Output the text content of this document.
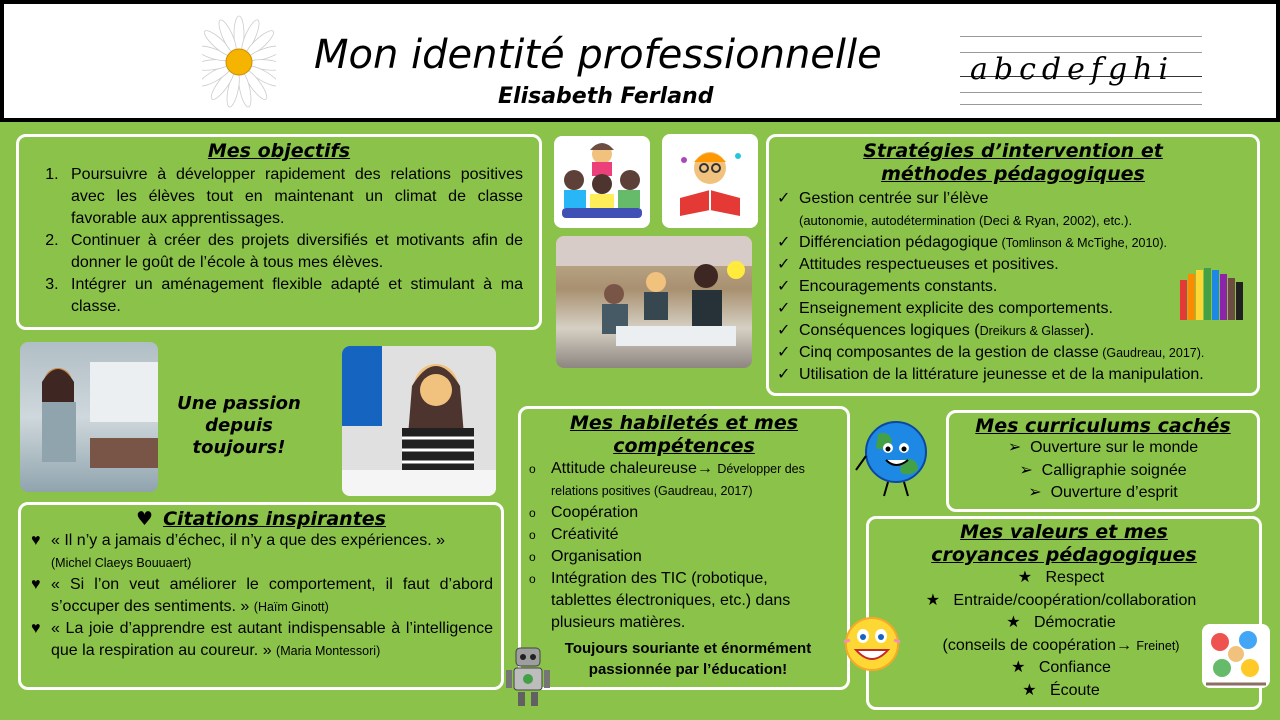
Mon identité professionnelle
Elisabeth Ferland
abcdefghi
Mes objectifs
1. Poursuivre à développer rapidement des relations positives avec les élèves tout en maintenant un climat de classe favorable aux apprentissages.
2. Continuer à créer des projets diversifiés et motivants afin de donner le goût de l’école à tous mes élèves.
3. Intégrer un aménagement flexible adapté et stimulant à ma classe.
Stratégies d’intervention et méthodes pédagogiques
✓ Gestion centrée sur l’élève
(autonomie, autodétermination (Deci & Ryan, 2002), etc.).
✓ Différenciation pédagogique (Tomlinson & McTighe, 2010).
✓ Attitudes respectueuses et positives.
✓ Encouragements constants.
✓ Enseignement explicite des comportements.
✓ Conséquences logiques (Dreikurs & Glasser).
✓ Cinq composantes de la gestion de classe (Gaudreau, 2017).
✓ Utilisation de la littérature jeunesse et de la manipulation.
Une passion depuis toujours!
♥ Citations inspirantes
♥ « Il n’y a jamais d’échec, il n’y a que des expériences. »
(Michel Claeys Bouuaert)
♥ « Si l’on veut améliorer le comportement, il faut d’abord s’occuper des sentiments. » (Haïm Ginott)
♥ « La joie d’apprendre est autant indispensable à l’intelligence que la respiration au coureur. » (Maria Montessori)
Mes habiletés et mes compétences
o Attitude chaleureuse→ Développer des relations positives (Gaudreau, 2017)
o Coopération
o Créativité
o Organisation
o Intégration des TIC (robotique, tablettes électroniques, etc.) dans plusieurs matières.
Toujours souriante et énormément passionnée par l’éducation!
Mes curriculums cachés
➢  Ouverture sur le monde
➢  Calligraphie soignée
➢  Ouverture d’esprit
Mes valeurs et mes croyances pédagogiques
★   Respect
★   Entraide/coopération/collaboration
★   Démocratie
(conseils de coopération→ Freinet)
★   Confiance
★   Écoute
